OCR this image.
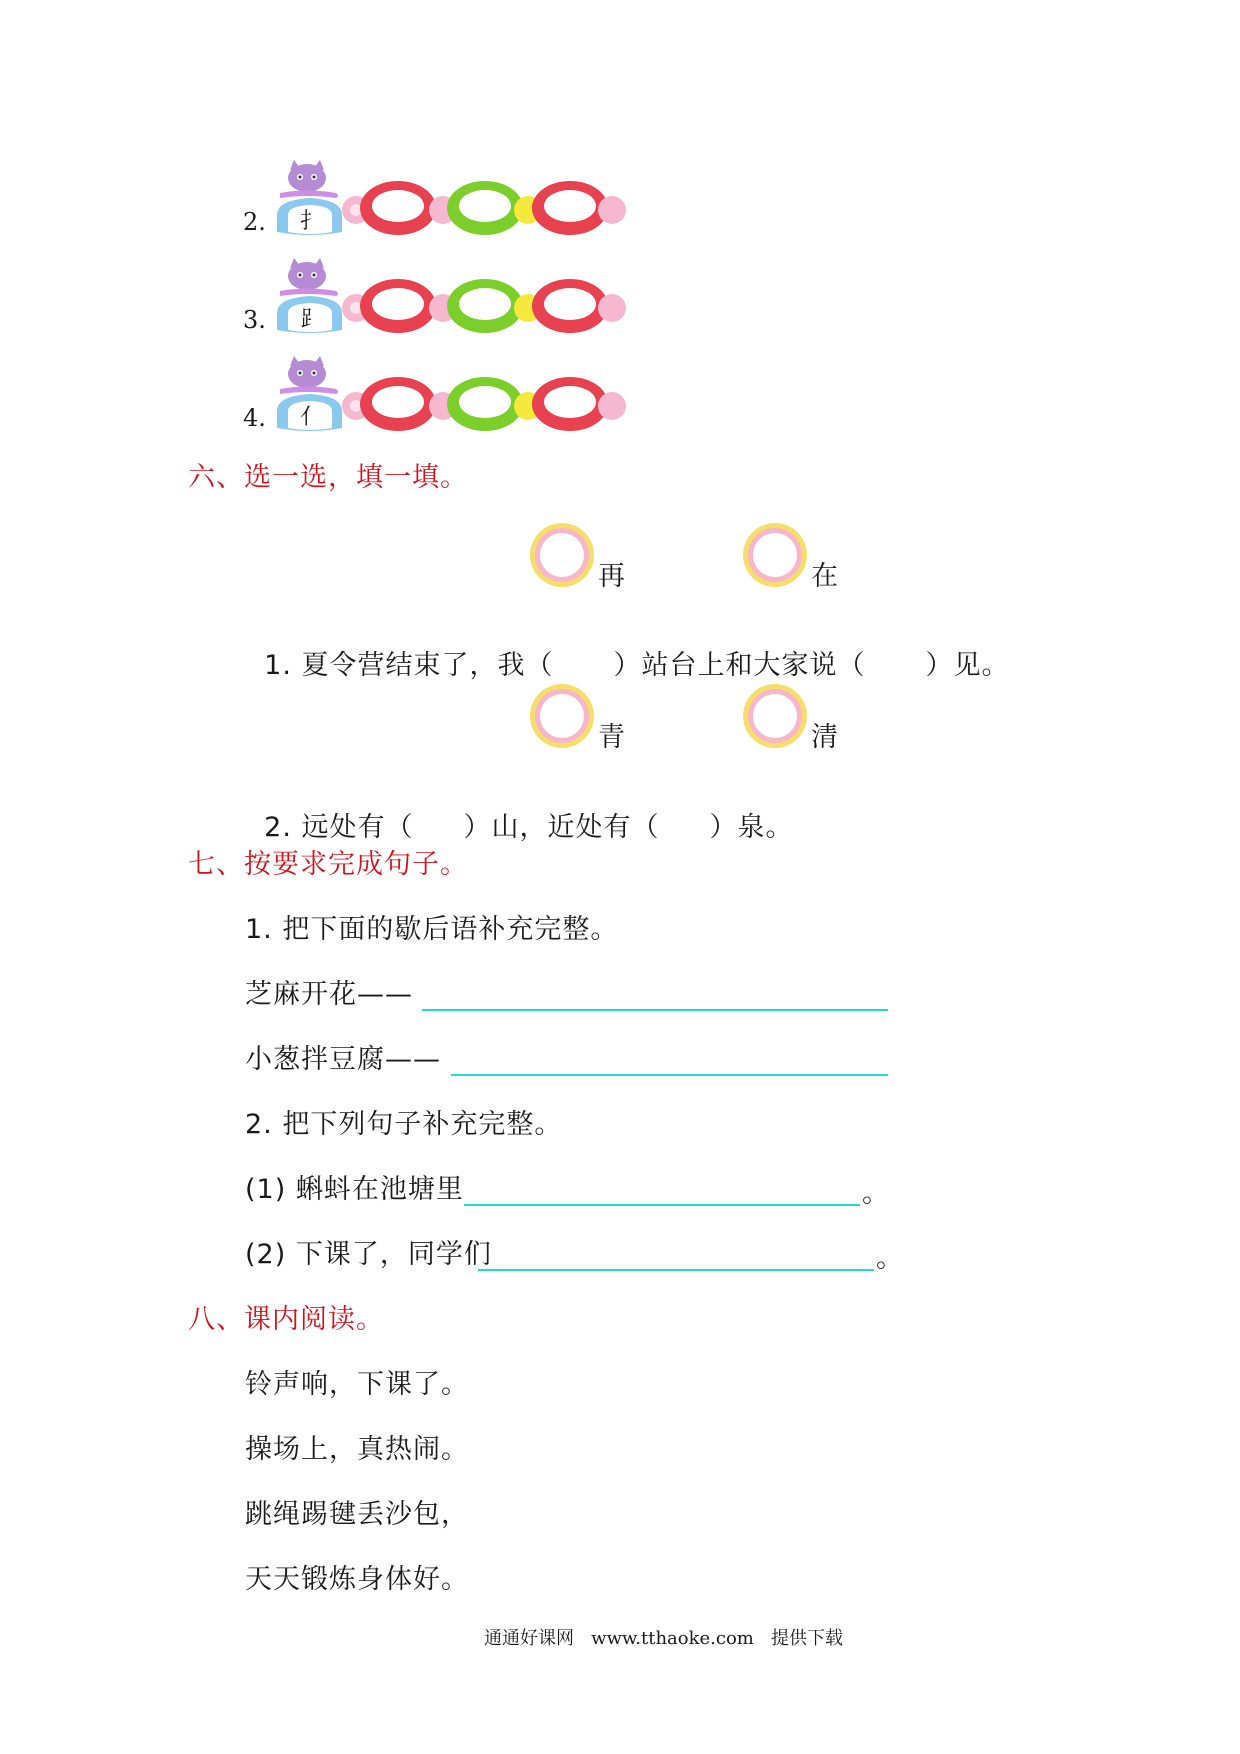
2. 扌
3. ⻊
4. 亻
六、选一选，填一填。
再	在

1. 夏令营结束了，我（ ）站台上和大家说（ ）见。

青	清

2. 远处有（ ）山，近处有（ ）泉。

七、按要求完成句子。
1. 把下面的歇后语补充完整。
芝麻开花——
小葱拌豆腐——
2. 把下列句子补充完整。
(1) 蝌蚪在池塘里	。
(2) 下课了，同学们	。
八、课内阅读。
铃声响，下课了。
操场上，真热闹。
跳绳踢毽丢沙包，
天天锻炼身体好。
通通好课网   www.tthaoke.com   提供下载
